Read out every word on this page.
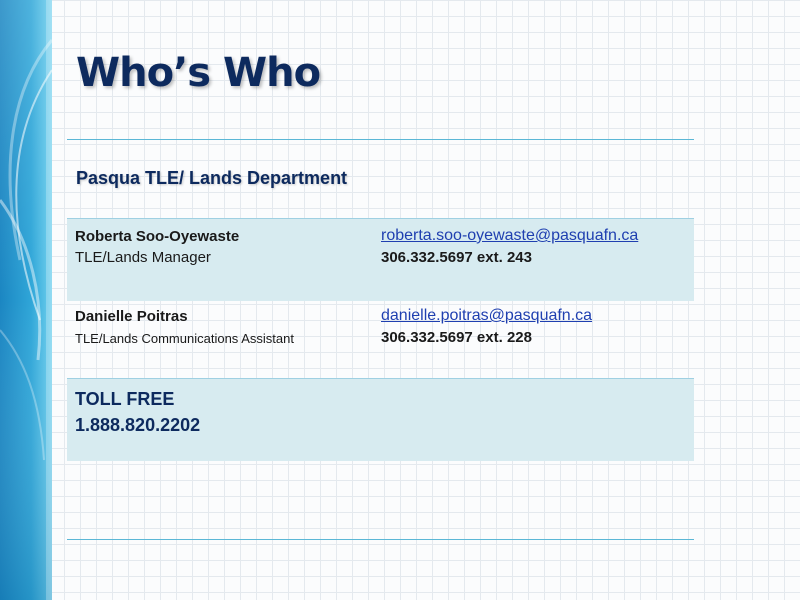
Who’s Who
Pasqua TLE/ Lands Department
Roberta Soo-Oyewaste
TLE/Lands Manager
roberta.soo-oyewaste@pasquafn.ca
306.332.5697 ext. 243
Danielle Poitras
TLE/Lands Communications Assistant
danielle.poitras@pasquafn.ca
306.332.5697 ext. 228
TOLL FREE
1.888.820.2202
